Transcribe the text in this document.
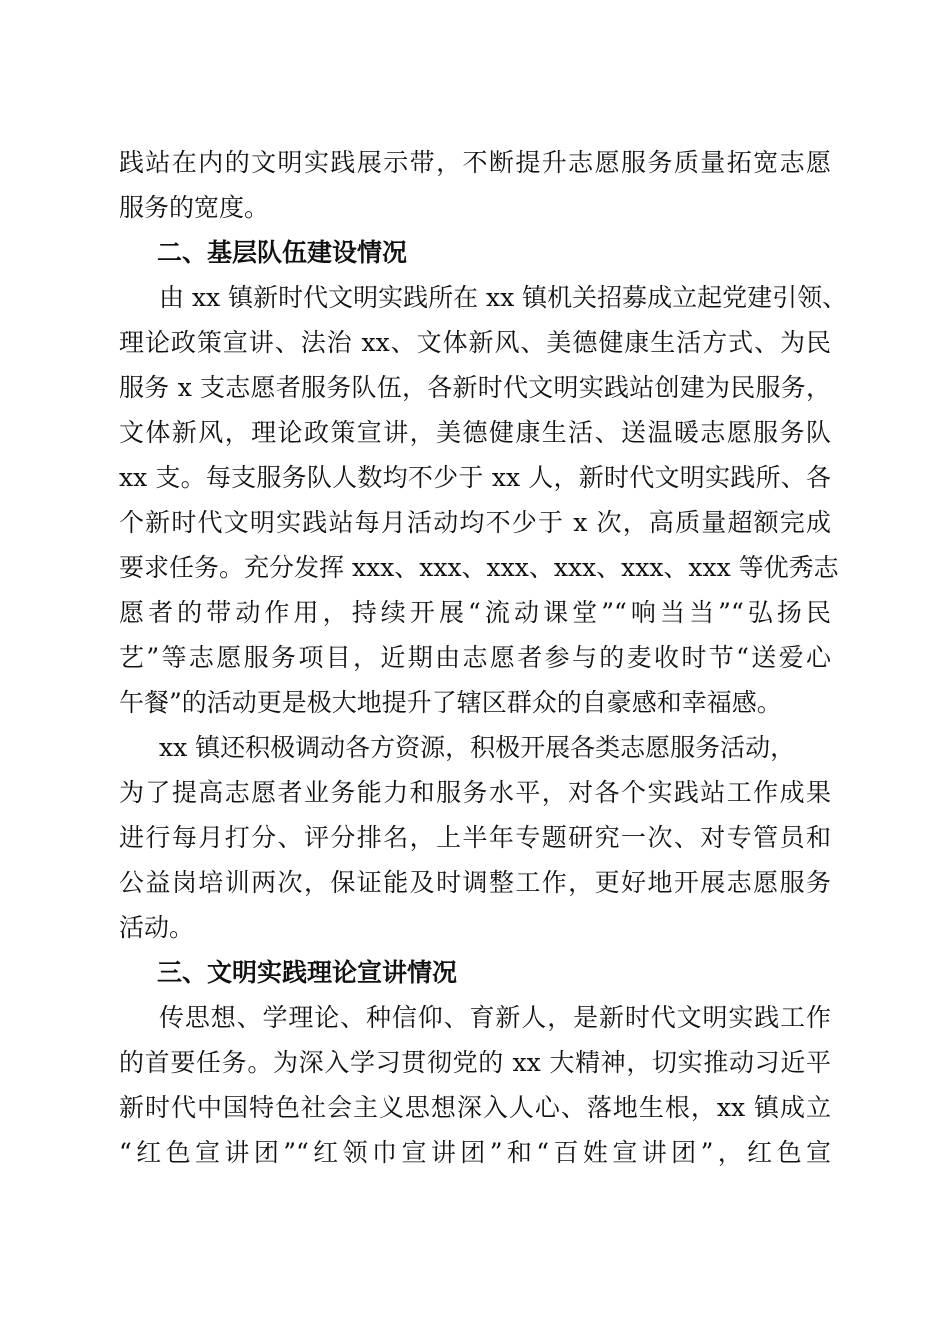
践站在内的文明实践展示带，不断提升志愿服务质量拓宽志愿
服务的宽度。
二、基层队伍建设情况
由 xx 镇新时代文明实践所在 xx 镇机关招募成立起党建引领、
理论政策宣讲、法治 xx、文体新风、美德健康生活方式、为民
服务 x 支志愿者服务队伍，各新时代文明实践站创建为民服务，
文体新风，理论政策宣讲，美德健康生活、送温暖志愿服务队
xx 支。每支服务队人数均不少于 xx 人，新时代文明实践所、各
个新时代文明实践站每月活动均不少于 x 次，高质量超额完成
要求任务。充分发挥 xxx、xxx、xxx、xxx、xxx、xxx 等优秀志
愿者的带动作用，持续开展“流动课堂”“响当当”“弘扬民
艺”等志愿服务项目，近期由志愿者参与的麦收时节“送爱心
午餐”的活动更是极大地提升了辖区群众的自豪感和幸福感。
xx 镇还积极调动各方资源，积极开展各类志愿服务活动，
为了提高志愿者业务能力和服务水平，对各个实践站工作成果
进行每月打分、评分排名，上半年专题研究一次、对专管员和
公益岗培训两次，保证能及时调整工作，更好地开展志愿服务
活动。
三、文明实践理论宣讲情况
传思想、学理论、种信仰、育新人，是新时代文明实践工作
的首要任务。为深入学习贯彻党的 xx 大精神，切实推动习近平
新时代中国特色社会主义思想深入人心、落地生根，xx 镇成立
“红色宣讲团”“红领巾宣讲团”和“百姓宣讲团”，红色宣
